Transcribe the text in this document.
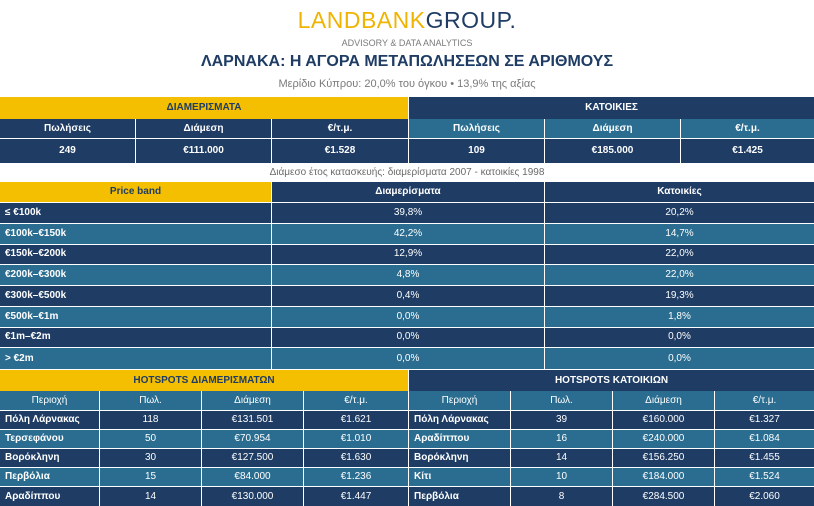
LANDBANKGROUP.
ADVISORY & DATA ANALYTICS
ΛΑΡΝΑΚΑ: Η ΑΓΟΡΑ ΜΕΤΑΠΩΛΗΣΕΩΝ ΣΕ ΑΡΙΘΜΟΥΣ
Μερίδιο Κύπρου: 20,0% του όγκου • 13,9% της αξίας
ΔΙΑΜΕΡΙΣΜΑΤΑ	ΚΑΤΟΙΚΙΕΣ
Πωλήσεις	Διάμεση	€/τ.μ.	Πωλήσεις	Διάμεση	€/τ.μ.
249	€111.000	€1.528	109	€185.000	€1.425
Διάμεσο έτος κατασκευής: διαμερίσματα 2007 - κατοικίες 1998
Price band	Διαμερίσματα	Κατοικίες
≤ €100k	39,8%	20,2%
€100k–€150k	42,2%	14,7%
€150k–€200k	12,9%	22,0%
€200k–€300k	4,8%	22,0%
€300k–€500k	0,4%	19,3%
€500k–€1m	0,0%	1,8%
€1m–€2m	0,0%	0,0%
> €2m	0,0%	0,0%
HOTSPOTS ΔΙΑΜΕΡΙΣΜΑΤΩΝ	HOTSPOTS ΚΑΤΟΙΚΙΩΝ
Περιοχή	Πωλ.	Διάμεση	€/τ.μ.	Περιοχή	Πωλ.	Διάμεση	€/τ.μ.
Πόλη Λάρνακας	118	€131.501	€1.621	Πόλη Λάρνακας	39	€160.000	€1.327
Τερσεφάνου	50	€70.954	€1.010	Αραδίππου	16	€240.000	€1.084
Βορόκληνη	30	€127.500	€1.630	Βορόκληνη	14	€156.250	€1.455
Περβόλια	15	€84.000	€1.236	Κίτι	10	€184.000	€1.524
Αραδίππου	14	€130.000	€1.447	Περβόλια	8	€284.500	€2.060
